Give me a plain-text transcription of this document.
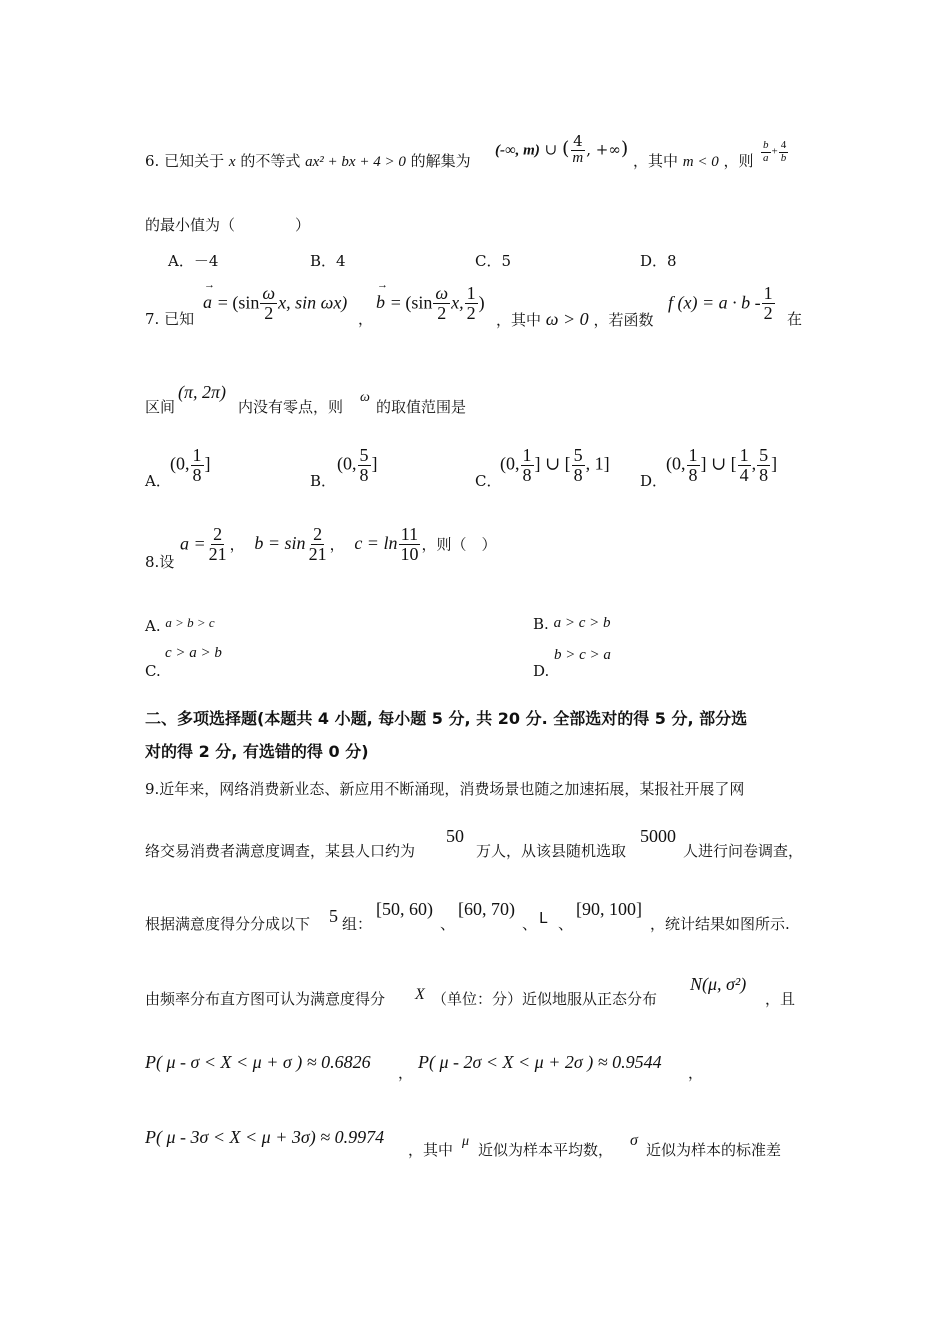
6. 已知关于 x 的不等式 ax² + bx + 4 > 0 的解集为
(-∞, m) ∪ ( $\frac{4}{m}$ , +∞)
，其中 m < 0 ，则 $\frac{b}{a} + \frac{4}{b}$
的最小值为（　　　　）
A．－4	B．4	C．5	D．8
7. 已知
→ $a = (\sin \frac{\omega}{2} x$, sin ωx)
，
→ $b = (\sin \frac{\omega}{2} x$, $\frac{1}{2}$ )
，其中 ω > 0 ，若函数
f $(x) = a \cdot b - \frac{1}{2}$ 在
区间
(π, 2π)
内没有零点，则
ω
的取值范围是
A．
(0, $\frac{1}{8}$ ]
B．
(0, $\frac{5}{8}$ ]
C．
(0, $\frac{1}{8}$ ] ∪ [ $\frac{5}{8}$ , 1]
D．
(0, $\frac{1}{8}$ ] ∪ [ $\frac{1}{4}$ , $\frac{5}{8}$ ]
8.设
$a = \frac{2}{21}$ ， $b = \sin \frac{2}{21}$ ， $c = \ln \frac{11}{10}$ ，则（　）
A. a > b > c	B. a > c > b
C.
c > a > b
D.
b > c > a
二、多项选择题(本题共 4 小题, 每小题 5 分, 共 20 分. 全部选对的得 5 分, 部分选
对的得 2 分, 有选错的得 0 分)
9.近年来，网络消费新业态、新应用不断涌现，消费场景也随之加速拓展，某报社开展了网
络交易消费者满意度调查，某县人口约为
50
万人，从该县随机选取
5000
人进行问卷调查，
根据满意度得分分成以下 5 组：
[50, 60)
、
[60, 70)
、 L 、
[90, 100]
，统计结果如图所示.
由频率分布直方图可认为满意度得分 X （单位：分）近似地服从正态分布
N(μ, σ²)
，且
P( μ - σ < X < μ + σ ) ≈ 0.6826
，
P( μ - 2σ < X < μ + 2σ ) ≈ 0.9544
，
P( μ - 3σ < X < μ + 3σ) ≈ 0.9974
，其中 μ 近似为样本平均数，
σ
近似为样本的标准差
